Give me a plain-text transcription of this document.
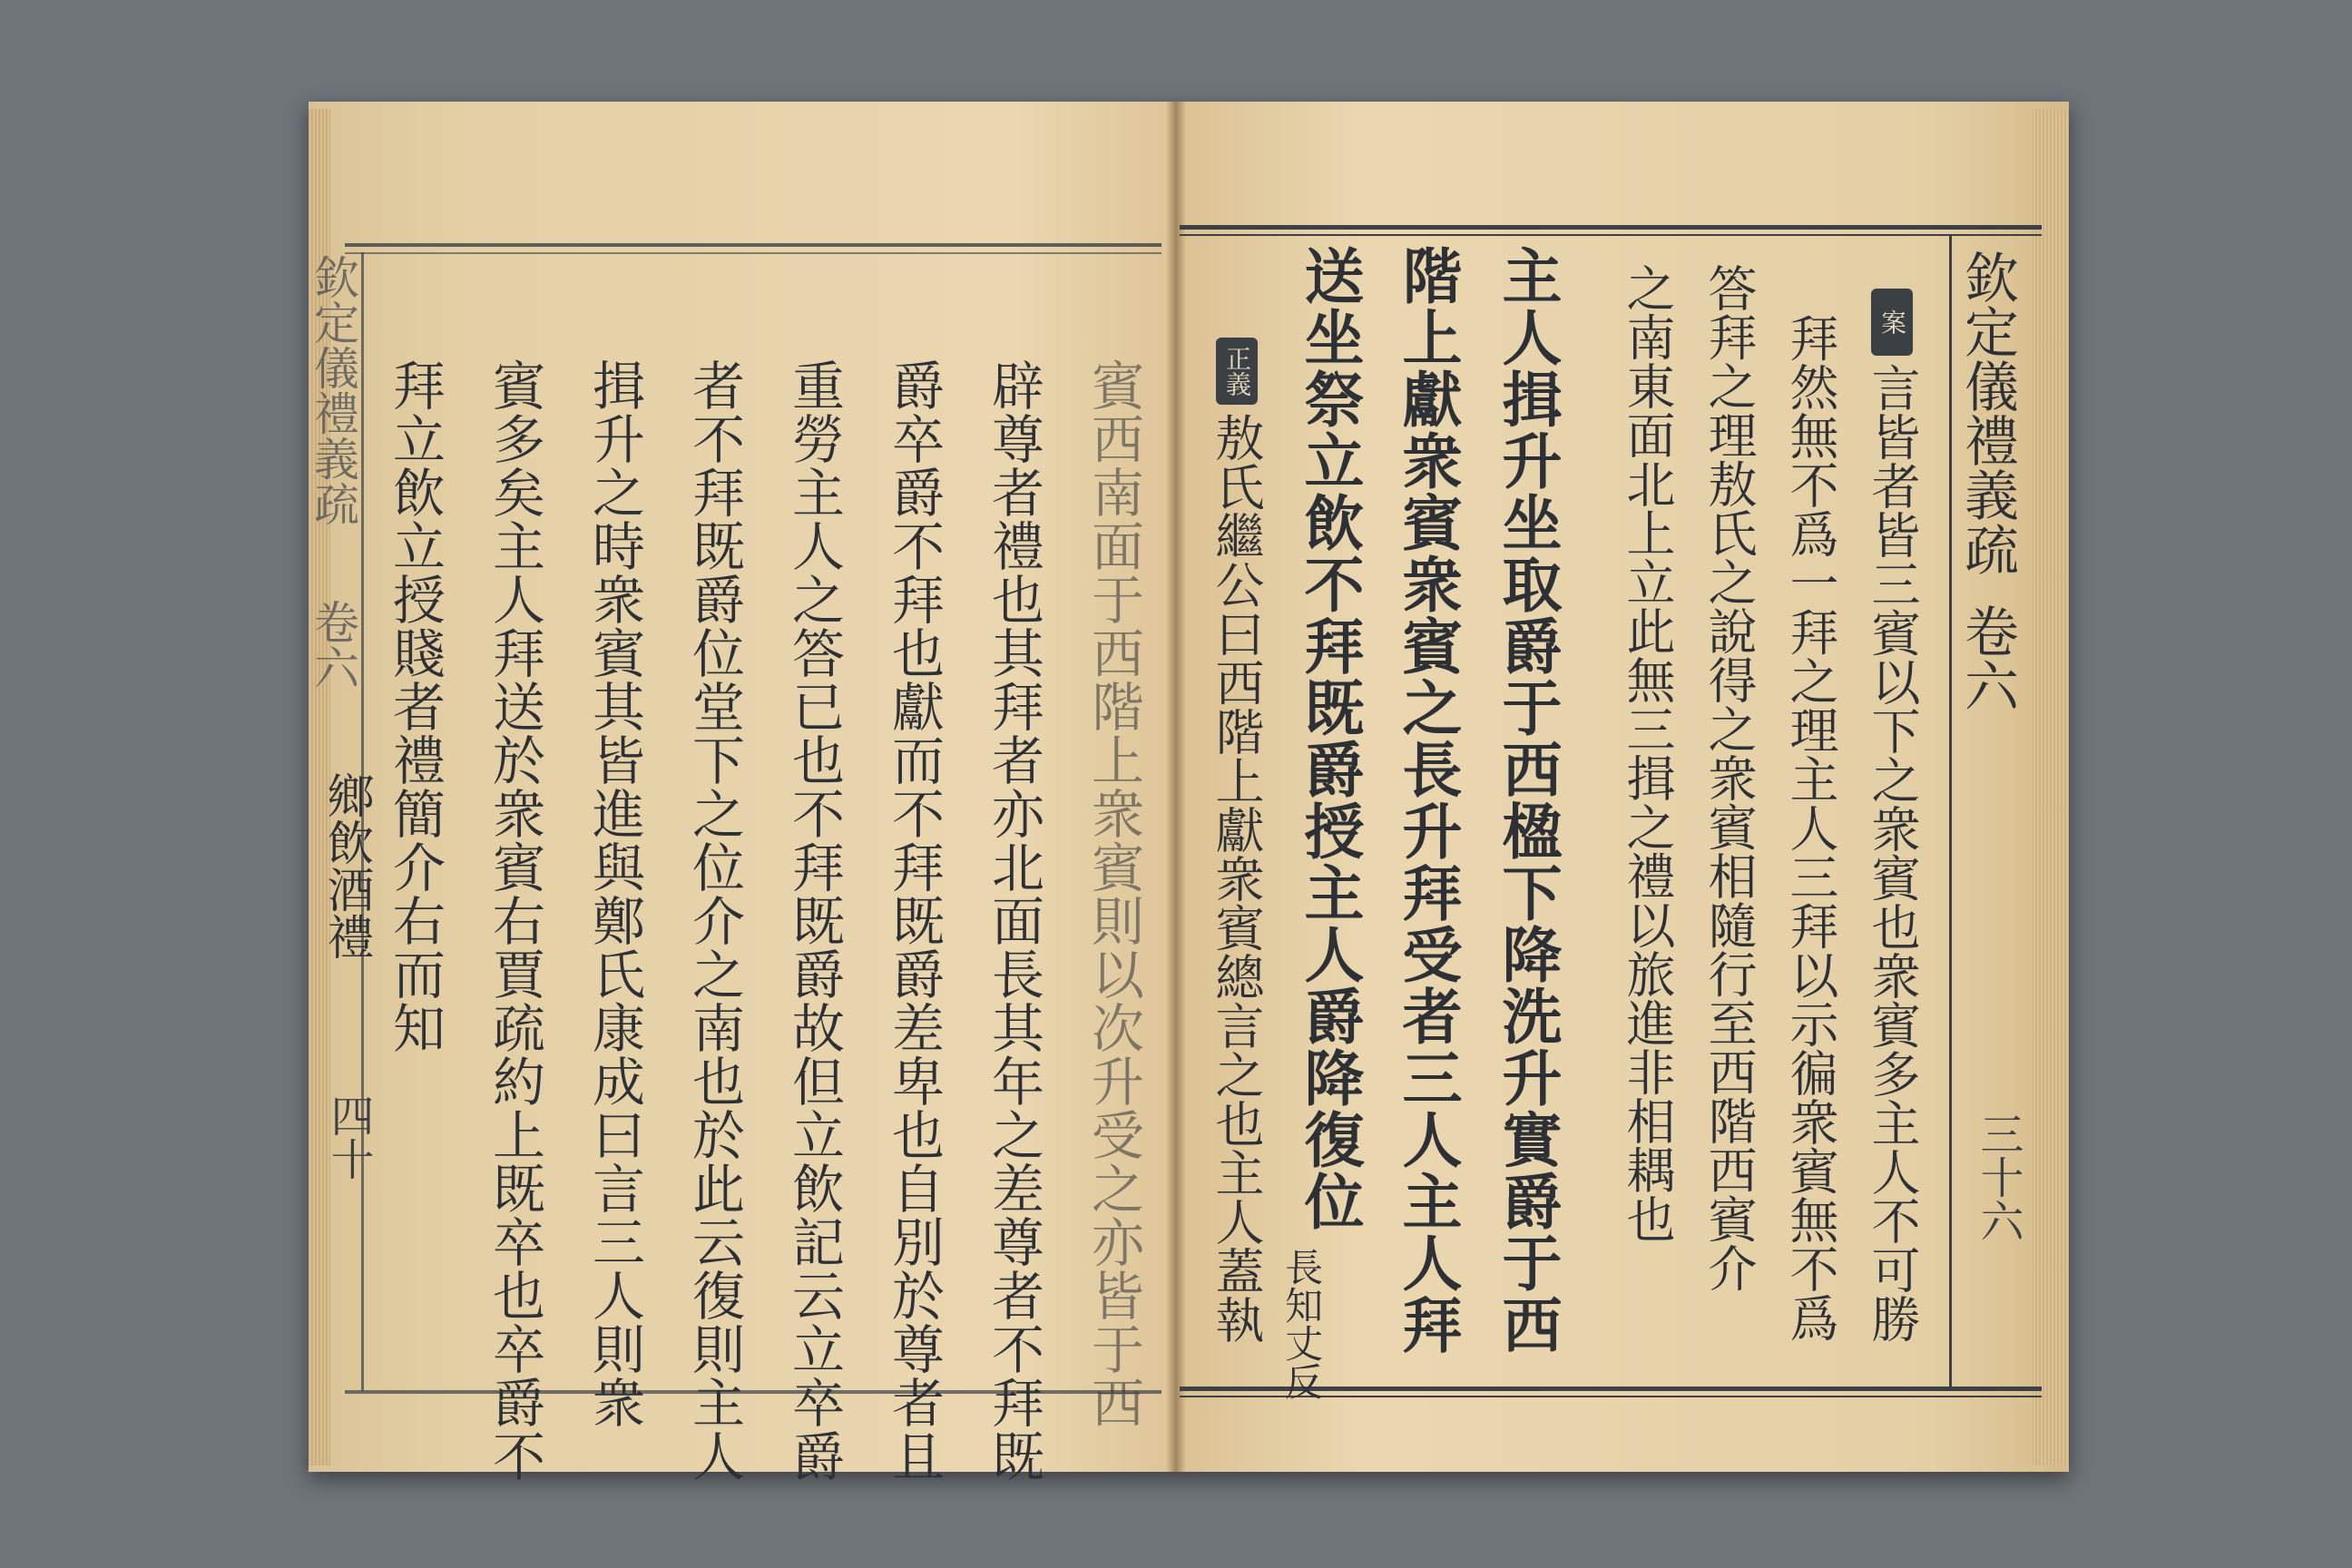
欽定儀禮義疏
卷六
三十六
案
言皆者皆三賓以下之衆賓也衆賓多主人不可勝
拜然無不爲一拜之理主人三拜以示徧衆賓無不爲
答拜之理敖氏之說得之衆賓相隨行至西階西賓介
之南東面北上立此無三揖之禮以旅進非相耦也
主人揖升坐取爵于西楹下降洗升實爵于西
階上獻衆賓衆賓之長升拜受者三人主人拜
送坐祭立飲不拜既爵授主人爵降復位
長知丈反
正義
敖氏繼公曰西階上獻衆賓總言之也主人蓋執
欽定儀禮義疏
卷六
鄉飲酒禮
四十	賓西南面于西階上衆賓則以次升受之亦皆于西
辟尊者禮也其拜者亦北面長其年之差尊者不拜既
爵卒爵不拜也獻而不拜既爵差卑也自別於尊者且
重勞主人之答已也不拜既爵故但立飲記云立卒爵
者不拜既爵位堂下之位介之南也於此云復則主人
揖升之時衆賓其皆進與鄭氏康成曰言三人則衆
賓多矣主人拜送於衆賓右賈疏約上既卒也卒爵不
拜立飲立授賤者禮簡介右而知
